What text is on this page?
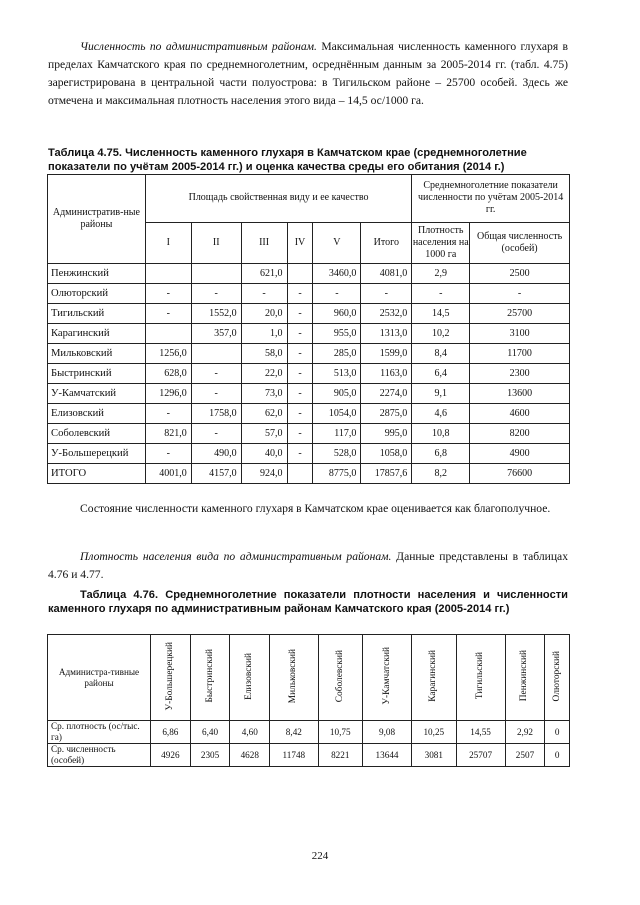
Численность по административным районам. Максимальная численность каменного глухаря в пределах Камчатского края по среднемноголетним, осреднённым данным за 2005-2014 гг. (табл. 4.75) зарегистрирована в центральной части полуострова: в Тигильском районе – 25700 особей. Здесь же отмечена и максимальная плотность населения этого вида – 14,5 ос/1000 га.
Таблица 4.75. Численность каменного глухаря в Камчатском крае (среднемноголетние показатели по учётам 2005-2014 гг.) и оценка качества среды его обитания (2014 г.)
Административ-ные районы	Площадь свойственная виду и ее качество						Среднемноголетние показатели численности по учётам 2005-2014 гг.	
	I	II	III	IV	V	Итого	Плотность населения на 1000 га	Общая численность (особей)
Пенжинский			621,0		3460,0	4081,0	2,9	2500
Олюторский	-	-	-	-	-	-	-	-
Тигильский	-	1552,0	20,0	-	960,0	2532,0	14,5	25700
Карагинский		357,0	1,0	-	955,0	1313,0	10,2	3100
Мильковский	1256,0		58,0	-	285,0	1599,0	8,4	11700
Быстринский	628,0	-	22,0	-	513,0	1163,0	6,4	2300
У-Камчатский	1296,0	-	73,0	-	905,0	2274,0	9,1	13600
Елизовский	-	1758,0	62,0	-	1054,0	2875,0	4,6	4600
Соболевский	821,0	-	57,0	-	117,0	995,0	10,8	8200
У-Большерецкий	-	490,0	40,0	-	528,0	1058,0	6,8	4900
ИТОГО	4001,0	4157,0	924,0		8775,0	17857,6	8,2	76600
Состояние численности каменного глухаря в Камчатском крае оценивается как благополучное.
Плотность населения вида по административным районам. Данные представлены в таблицах 4.76 и 4.77.
Таблица 4.76. Среднемноголетние показатели плотности населения и численности каменного глухаря по административным районам Камчатского края (2005-2014 гг.)
Администра-тивные районы	У-Большерецкий	Быстринский	Елизовский	Мильковский	Соболевский	У-Камчатский	Карагинский	Тигильский	Пенжинский	Олюторский
Ср. плотность (ос/тыс. га)	6,86	6,40	4,60	8,42	10,75	9,08	10,25	14,55	2,92	0
Ср. численность (особей)	4926	2305	4628	11748	8221	13644	3081	25707	2507	0
224
